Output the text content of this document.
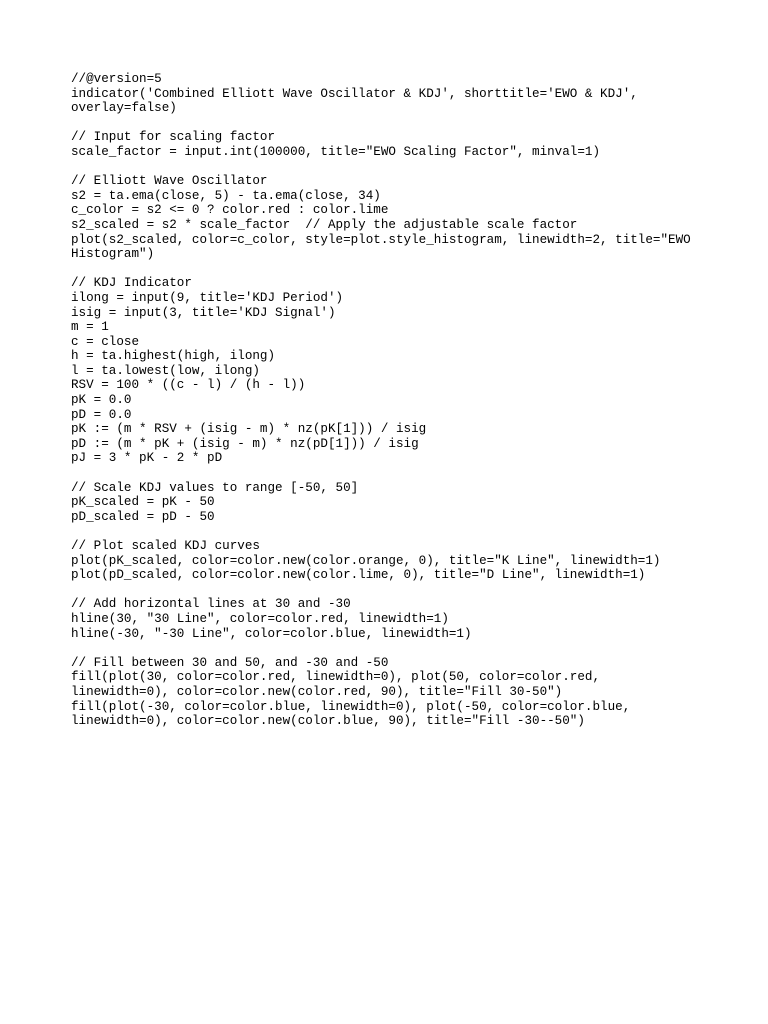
//@version=5
indicator('Combined Elliott Wave Oscillator & KDJ', shorttitle='EWO & KDJ',
overlay=false)
// Input for scaling factor
scale_factor = input.int(100000, title="EWO Scaling Factor", minval=1)
// Elliott Wave Oscillator
s2 = ta.ema(close, 5) - ta.ema(close, 34)
c_color = s2 <= 0 ? color.red : color.lime
s2_scaled = s2 * scale_factor  // Apply the adjustable scale factor
plot(s2_scaled, color=c_color, style=plot.style_histogram, linewidth=2, title="EWO
Histogram")
// KDJ Indicator
ilong = input(9, title='KDJ Period')
isig = input(3, title='KDJ Signal')
m = 1
c = close
h = ta.highest(high, ilong)
l = ta.lowest(low, ilong)
RSV = 100 * ((c - l) / (h - l))
pK = 0.0
pD = 0.0
pK := (m * RSV + (isig - m) * nz(pK[1])) / isig
pD := (m * pK + (isig - m) * nz(pD[1])) / isig
pJ = 3 * pK - 2 * pD
// Scale KDJ values to range [-50, 50]
pK_scaled = pK - 50
pD_scaled = pD - 50
// Plot scaled KDJ curves
plot(pK_scaled, color=color.new(color.orange, 0), title="K Line", linewidth=1)
plot(pD_scaled, color=color.new(color.lime, 0), title="D Line", linewidth=1)
// Add horizontal lines at 30 and -30
hline(30, "30 Line", color=color.red, linewidth=1)
hline(-30, "-30 Line", color=color.blue, linewidth=1)
// Fill between 30 and 50, and -30 and -50
fill(plot(30, color=color.red, linewidth=0), plot(50, color=color.red,
linewidth=0), color=color.new(color.red, 90), title="Fill 30-50")
fill(plot(-30, color=color.blue, linewidth=0), plot(-50, color=color.blue,
linewidth=0), color=color.new(color.blue, 90), title="Fill -30--50")
